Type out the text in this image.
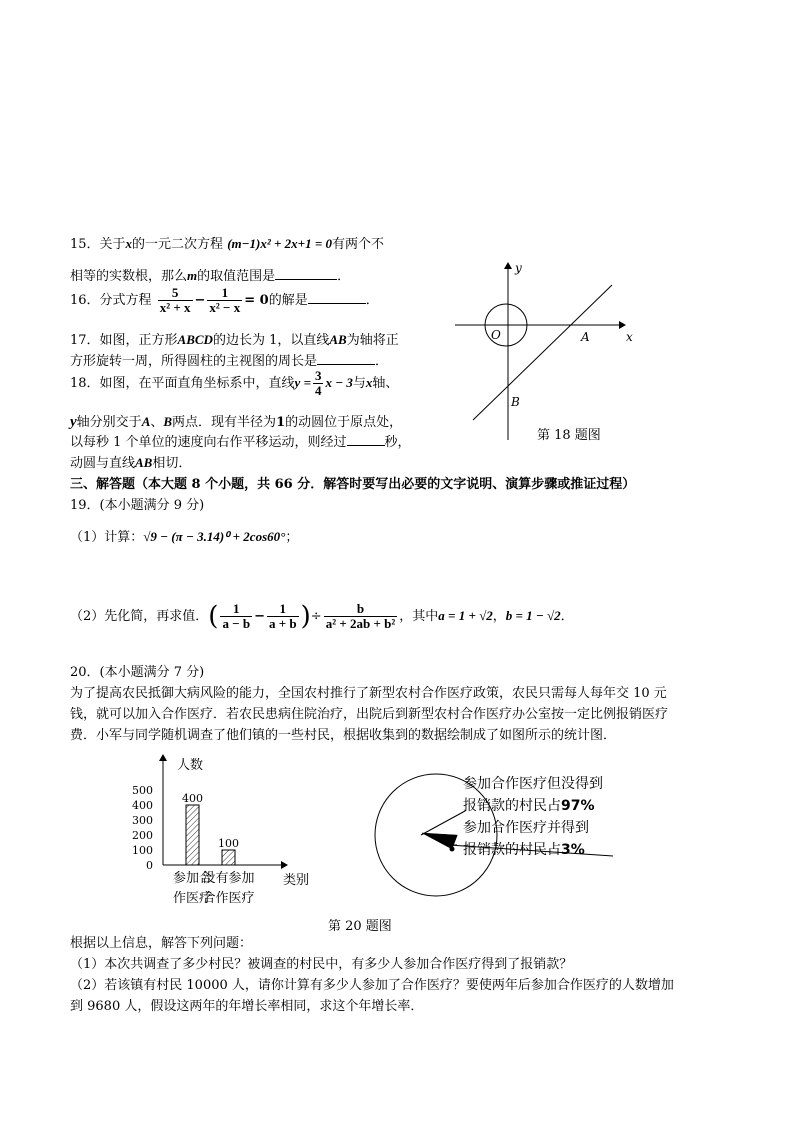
15．关于x的一元二次方程 (m−1)x² + 2x+1 = 0有两个不
相等的实数根，那么m的取值范围是	．
16．分式方程 $\frac{5}{\text{x² + x}} - \frac{1}{\text{x² − x}} = 0$的解是	．
17．如图，正方形ABCD的边长为 1，以直线AB为轴将正
方形旋转一周，所得圆柱的主视图的周长是	．
18．如图，在平面直角坐标系中，直线$y = \frac{3}{4}$ x − 3与x轴、
y轴分别交于A、B两点．现有半径为1的动圆位于原点处，
以每秒 1 个单位的速度向右作平移运动，则经过	秒，
动圆与直线AB相切．
y
x
O	A
B
第 18 题图
三、解答题（本大题 8 个小题，共 66 分．解答时要写出必要的文字说明、演算步骤或推证过程）
19．(本小题满分 9 分)
（1）计算：√9 − (π − 3.14)⁰ + 2cos60°；
（2）先化简，再求值．( $\frac{1}{a - b} - \frac{1}{a + b}$ )÷ $\frac{b}{\text{a² + 2ab + b²}}$ ，其中a = 1 + √2，b = 1 − √2．
20．(本小题满分 7 分)
为了提高农民抵御大病风险的能力，全国农村推行了新型农村合作医疗政策，农民只需每人每年交 10 元
钱，就可以加入合作医疗．若农民患病住院治疗，出院后到新型农村合作医疗办公室按一定比例报销医疗
费．小军与同学随机调查了他们镇的一些村民，根据收集到的数据绘制成了如图所示的统计图．
人数
类别
500
400
300
200
100
0
400
100
参加合
作医疗
没有参加
合作医疗
参加合作医疗但没得到
报销款的村民占97%
参加合作医疗并得到
报销款的村民占3%
第 20 题图
根据以上信息，解答下列问题：
（1）本次共调查了多少村民？被调查的村民中，有多少人参加合作医疗得到了报销款？
（2）若该镇有村民 10000 人，请你计算有多少人参加了合作医疗？要使两年后参加合作医疗的人数增加
到 9680 人，假设这两年的年增长率相同，求这个年增长率．
